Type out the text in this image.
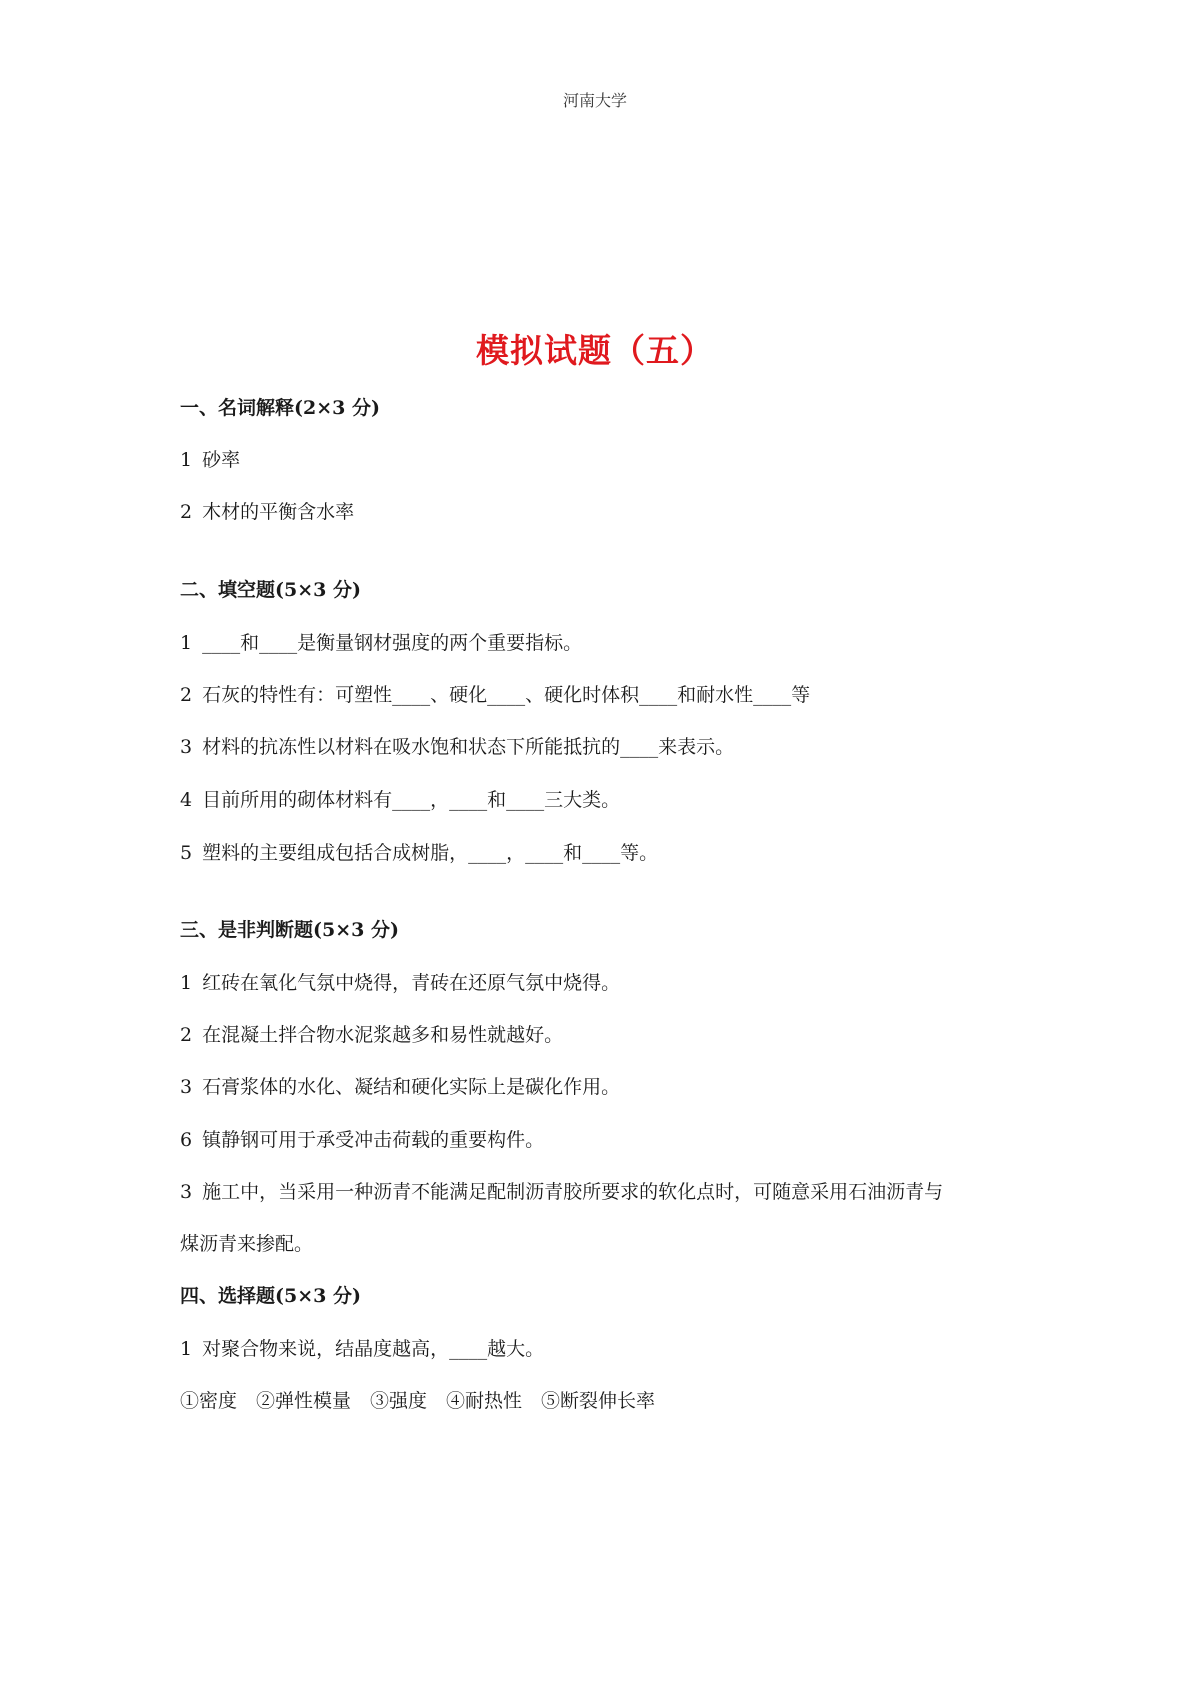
河南大学
模拟试题（五）
一、名词解释(2×3 分)
1 砂率
2 木材的平衡含水率
二、填空题(5×3 分)
1 ____和____是衡量钢材强度的两个重要指标。
2 石灰的特性有：可塑性____、硬化____、硬化时体积____和耐水性____等
3 材料的抗冻性以材料在吸水饱和状态下所能抵抗的____来表示。
4 目前所用的砌体材料有____，____和____三大类。
5 塑料的主要组成包括合成树脂，____，____和____等。
三、是非判断题(5×3 分)
1 红砖在氧化气氛中烧得，青砖在还原气氛中烧得。
2 在混凝土拌合物水泥浆越多和易性就越好。
3 石膏浆体的水化、凝结和硬化实际上是碳化作用。
6 镇静钢可用于承受冲击荷载的重要构件。
3 施工中，当采用一种沥青不能满足配制沥青胶所要求的软化点时，可随意采用石油沥青与
煤沥青来掺配。
四、选择题(5×3 分)
1 对聚合物来说，结晶度越高，____越大。
①密度　②弹性模量　③强度　④耐热性　⑤断裂伸长率
